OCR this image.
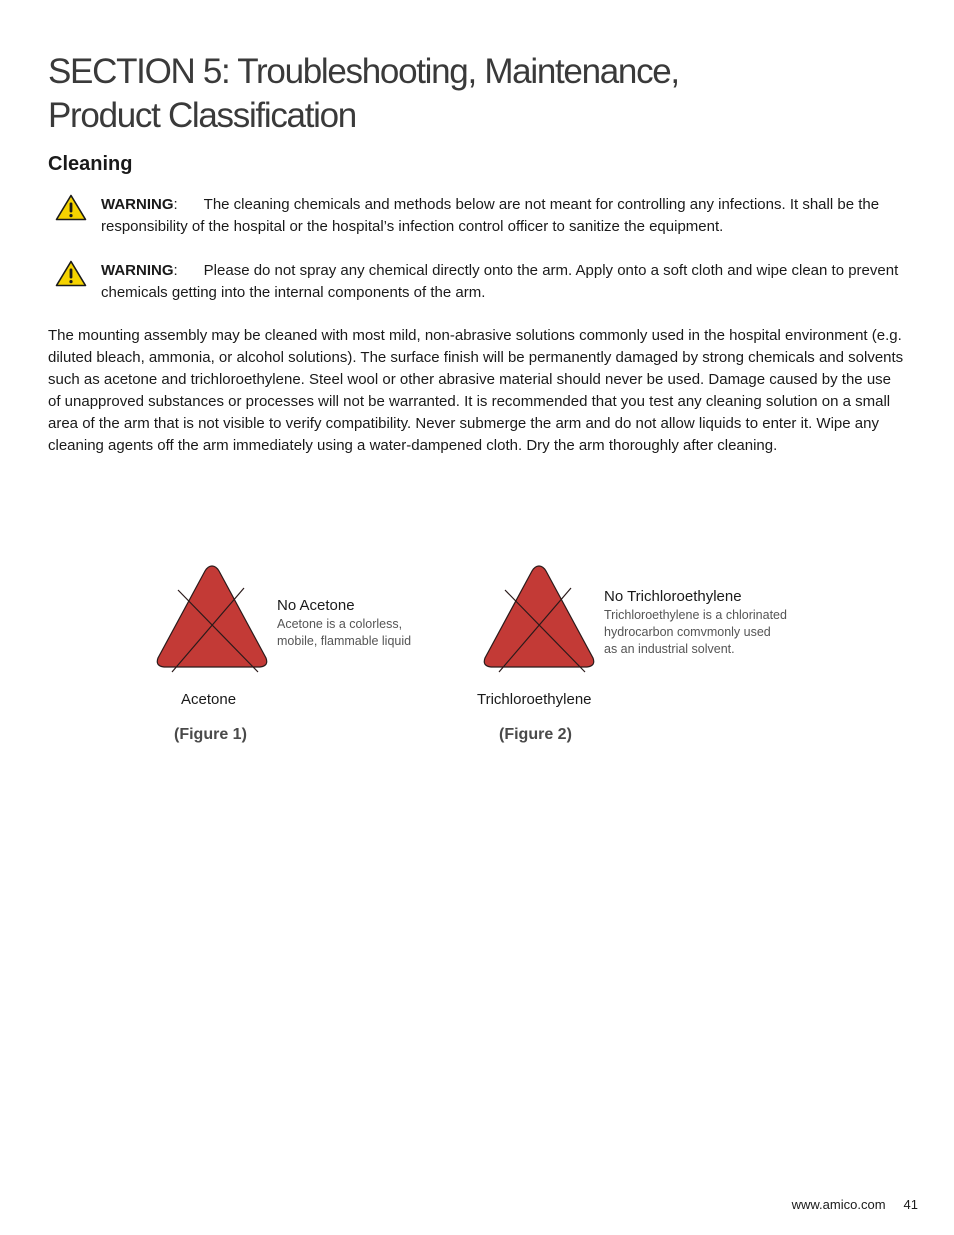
SECTION 5: Troubleshooting, Maintenance,
Product Classification
Cleaning

WARNING: The cleaning chemicals and methods below are not meant for controlling any infections. It shall be the responsibility of the hospital or the hospital’s infection control officer to sanitize the equipment.

WARNING: Please do not spray any chemical directly onto the arm. Apply onto a soft cloth and wipe clean to prevent chemicals getting into the internal components of the arm.

The mounting assembly may be cleaned with most mild, non-abrasive solutions commonly used in the hospital environment (e.g. diluted bleach, ammonia, or alcohol solutions). The surface finish will be permanently damaged by strong chemicals and solvents such as acetone and trichloroethylene. Steel wool or other abrasive material should never be used. Damage caused by the use of unapproved substances or processes will not be warranted. It is recommended that you test any cleaning solution on a small area of the arm that is not visible to verify compatibility. Never submerge the arm and do not allow liquids to enter it. Wipe any cleaning agents off the arm immediately using a water-dampened cloth. Dry the arm thoroughly after cleaning.

No Acetone

Acetone is a colorless,
mobile, flammable liquid

Acetone
(Figure 1)
No Trichloroethylene

Trichloroethylene is a chlorinated
hydrocarbon comvmonly used
as an industrial solvent.

Trichloroethylene
(Figure 2)
www.amico.com 41
